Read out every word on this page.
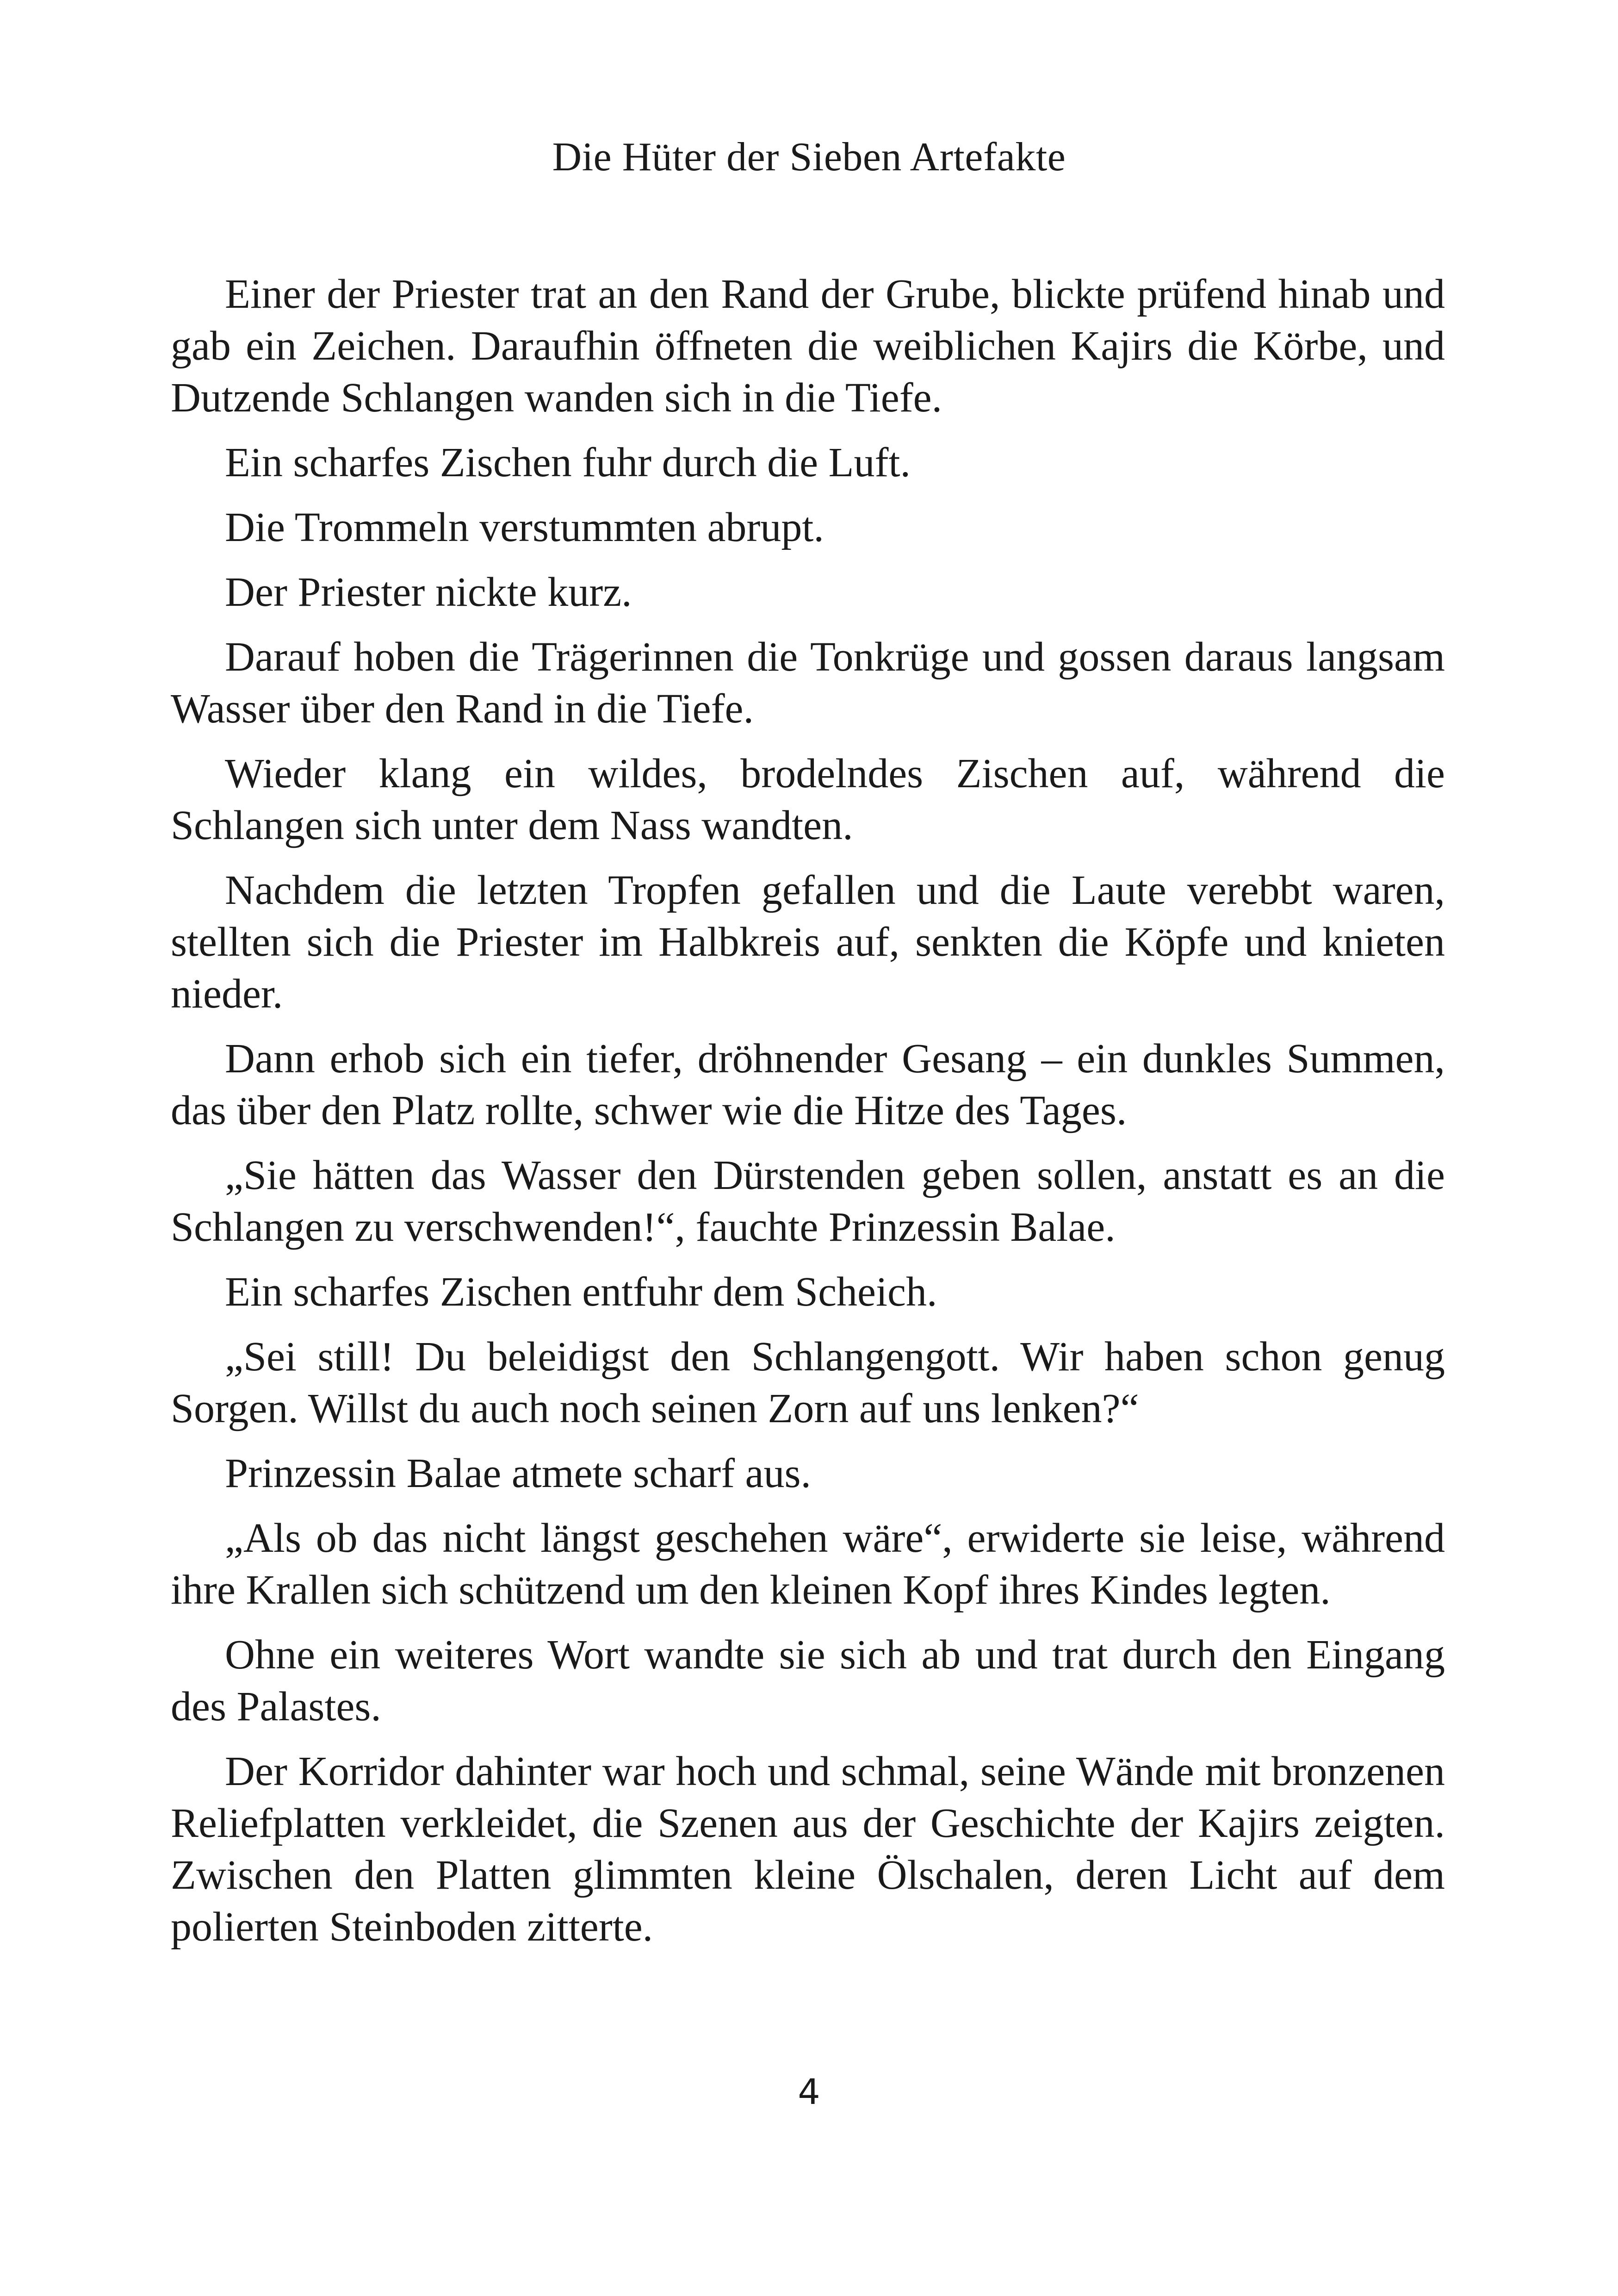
Die Hüter der Sieben Artefakte

Einer der Priester trat an den Rand der Grube, blickte prüfend hinab und gab ein Zeichen. Daraufhin öffneten die weiblichen Kajirs die Körbe, und Dutzende Schlangen wanden sich in die Tiefe.

Ein scharfes Zischen fuhr durch die Luft.

Die Trommeln verstummten abrupt.

Der Priester nickte kurz.

Darauf hoben die Trägerinnen die Tonkrüge und gossen daraus langsam Wasser über den Rand in die Tiefe.

Wieder klang ein wildes, brodelndes Zischen auf, während die Schlangen sich unter dem Nass wandten.

Nachdem die letzten Tropfen gefallen und die Laute verebbt waren, stellten sich die Priester im Halbkreis auf, senkten die Köpfe und knieten nieder.

Dann erhob sich ein tiefer, dröhnender Gesang – ein dunkles Summen, das über den Platz rollte, schwer wie die Hitze des Tages.

„Sie hätten das Wasser den Dürstenden geben sollen, anstatt es an die Schlangen zu verschwenden!“, fauchte Prinzessin Balae.

Ein scharfes Zischen entfuhr dem Scheich.

„Sei still! Du beleidigst den Schlangengott. Wir haben schon genug Sorgen. Willst du auch noch seinen Zorn auf uns lenken?“

Prinzessin Balae atmete scharf aus.

„Als ob das nicht längst geschehen wäre“, erwiderte sie leise, während ihre Krallen sich schützend um den kleinen Kopf ihres Kindes legten.

Ohne ein weiteres Wort wandte sie sich ab und trat durch den Eingang des Palastes.

Der Korridor dahinter war hoch und schmal, seine Wände mit bronzenen Reliefplatten verkleidet, die Szenen aus der Geschichte der Kajirs zeigten. Zwischen den Platten glimmten kleine Ölschalen, deren Licht auf dem polierten Steinboden zitterte.

4
